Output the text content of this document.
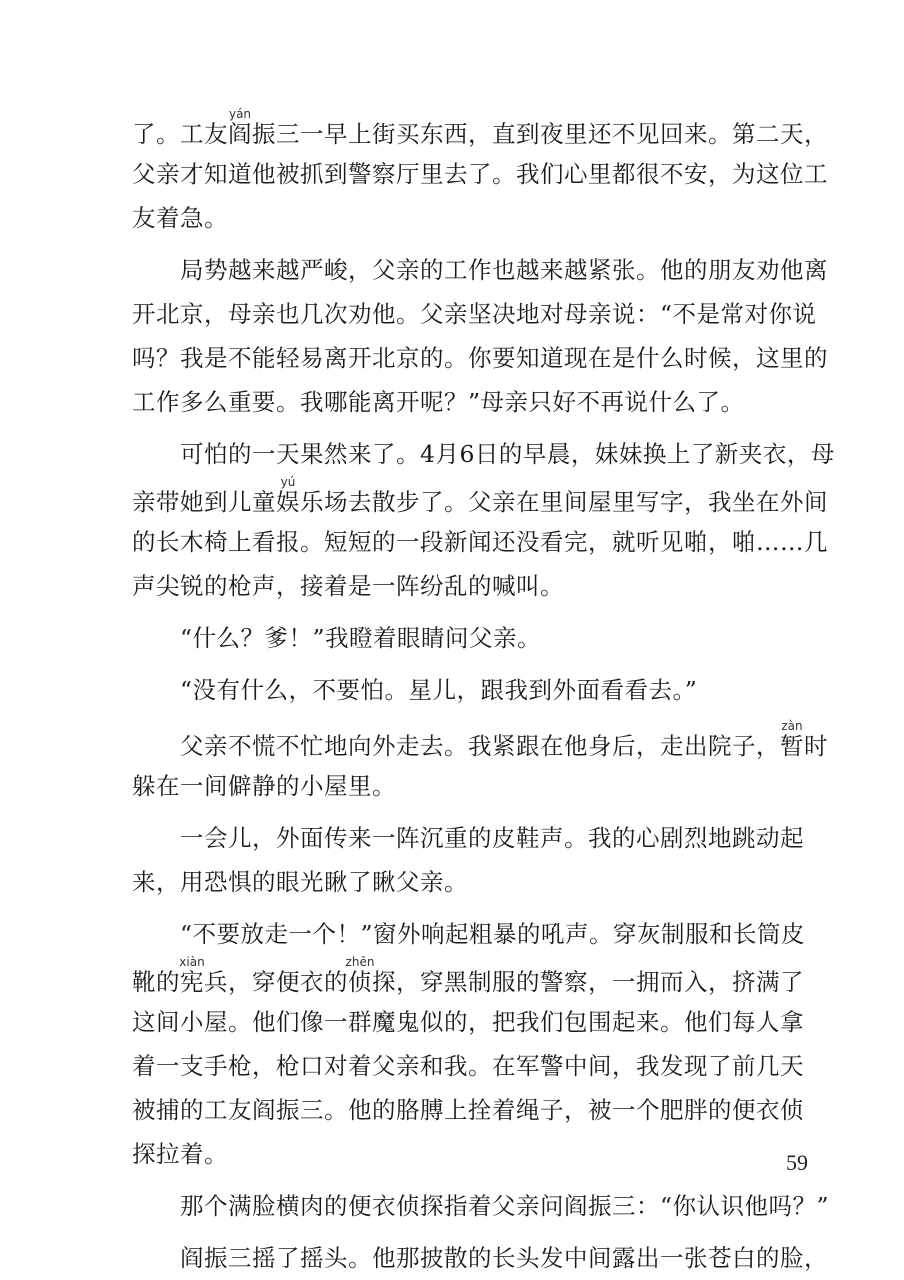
了。工友阎yán振三一早上街买东西，直到夜里还不见回来。第二天，
父亲才知道他被抓到警察厅里去了。我们心里都很不安，为这位工
友着急。
局势越来越严峻，父亲的工作也越来越紧张。他的朋友劝他离
开北京，母亲也几次劝他。父亲坚决地对母亲说：“不是常对你说
吗？我是不能轻易离开北京的。你要知道现在是什么时候，这里的
工作多么重要。我哪能离开呢？”母亲只好不再说什么了。
可怕的一天果然来了。4月6日的早晨，妹妹换上了新夹衣，母
亲带她到儿童娱yú乐场去散步了。父亲在里间屋里写字，我坐在外间
的长木椅上看报。短短的一段新闻还没看完，就听见啪，啪……几
声尖锐的枪声，接着是一阵纷乱的喊叫。
“什么？爹！”我瞪着眼睛问父亲。
“没有什么，不要怕。星儿，跟我到外面看看去。”
父亲不慌不忙地向外走去。我紧跟在他身后，走出院子，暂zàn时
躲在一间僻静的小屋里。
一会儿，外面传来一阵沉重的皮鞋声。我的心剧烈地跳动起
来，用恐惧的眼光瞅了瞅父亲。
“不要放走一个！”窗外响起粗暴的吼声。穿灰制服和长筒皮
靴的宪xiàn兵，穿便衣的侦zhēn探，穿黑制服的警察，一拥而入，挤满了
这间小屋。他们像一群魔鬼似的，把我们包围起来。他们每人拿
着一支手枪，枪口对着父亲和我。在军警中间，我发现了前几天
被捕的工友阎振三。他的胳膊上拴着绳子，被一个肥胖的便衣侦
探拉着。
那个满脸横肉的便衣侦探指着父亲问阎振三：“你认识他吗？”
阎振三摇了摇头。他那披散的长头发中间露出一张苍白的脸，
59
